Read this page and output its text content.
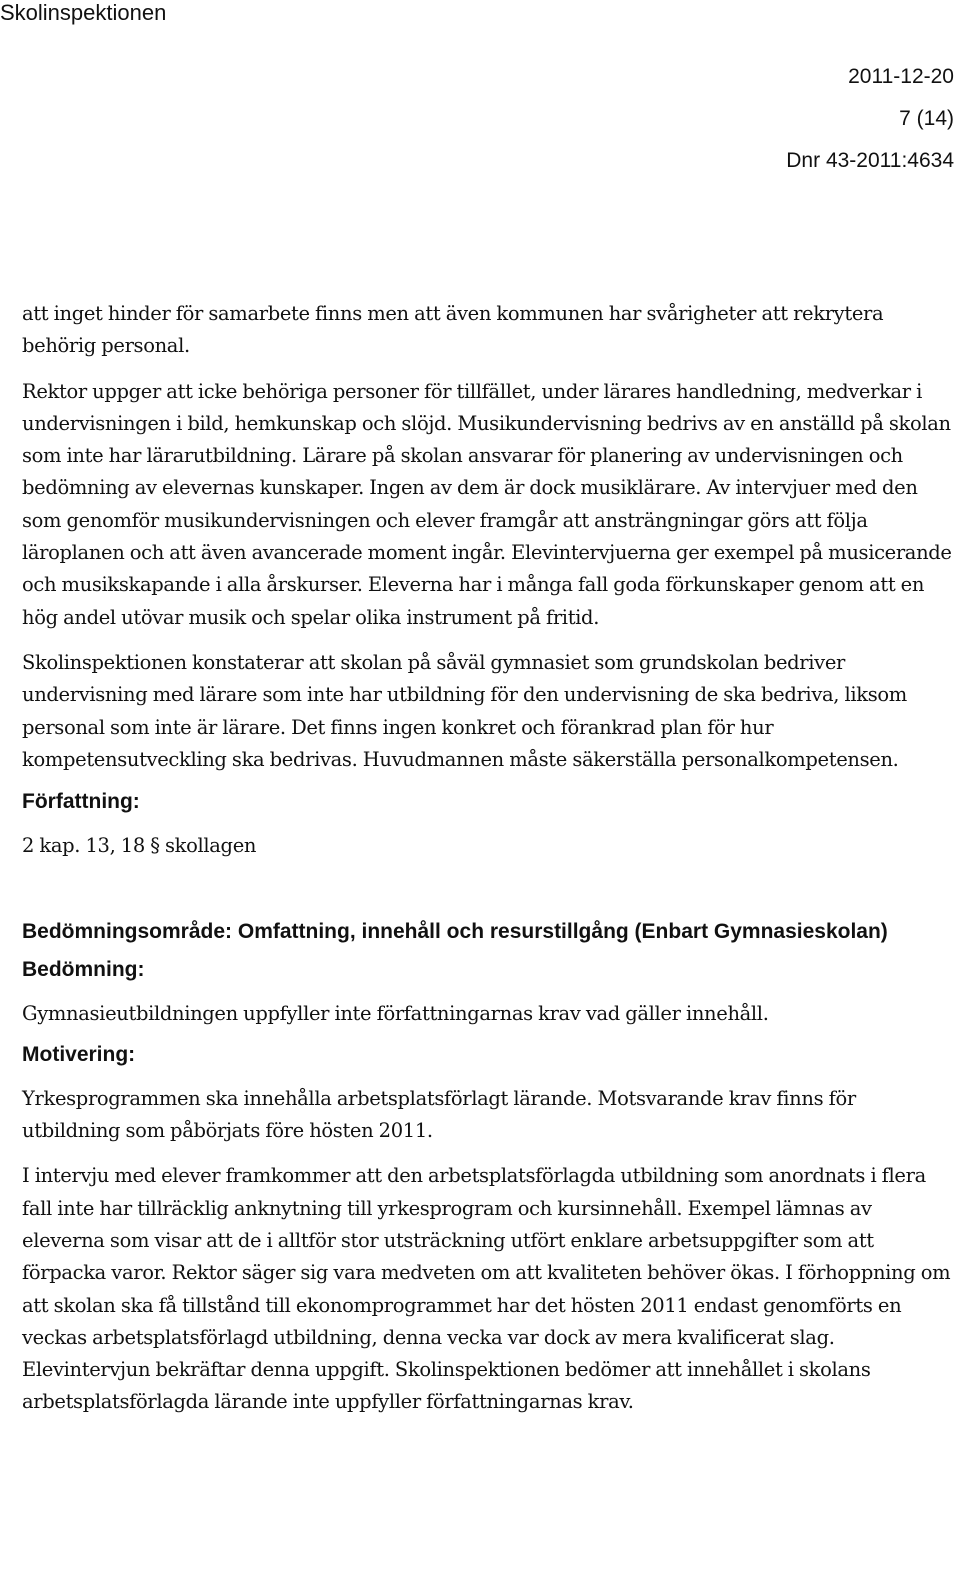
Skolinspektionen
2011-12-20
7 (14)
Dnr 43-2011:4634

att inget hinder för samarbete finns men att även kommunen har svårigheter att rekrytera behörig personal.

Rektor uppger att icke behöriga personer för tillfället, under lärares handledning, medverkar i undervisningen i bild, hemkunskap och slöjd. Musikundervisning bedrivs av en anställd på skolan som inte har lärarutbildning. Lärare på skolan ansvarar för planering av undervisningen och bedömning av elevernas kunskaper. Ingen av dem är dock musiklärare. Av intervjuer med den som genomför musikundervisningen och elever framgår att ansträngningar görs att följa läroplanen och att även avancerade moment ingår. Elevintervjuerna ger exempel på musicerande och musikskapande i alla årskurser. Eleverna har i många fall goda förkunskaper genom att en hög andel utövar musik och spelar olika instrument på fritid.

Skolinspektionen konstaterar att skolan på såväl gymnasiet som grundskolan bedriver undervisning med lärare som inte har utbildning för den undervisning de ska bedriva, liksom personal som inte är lärare. Det finns ingen konkret och förankrad plan för hur kompetensutveckling ska bedrivas. Huvudmannen måste säkerställa personalkompetensen.

Författning:

2 kap. 13, 18 § skollagen

Bedömningsområde: Omfattning, innehåll och resurstillgång (Enbart Gymnasieskolan)
Bedömning:

Gymnasieutbildningen uppfyller inte författningarnas krav vad gäller innehåll.

Motivering:

Yrkesprogrammen ska innehålla arbetsplatsförlagt lärande. Motsvarande krav finns för utbildning som påbörjats före hösten 2011.

I intervju med elever framkommer att den arbetsplatsförlagda utbildning som anordnats i flera fall inte har tillräcklig anknytning till yrkesprogram och kursinnehåll. Exempel lämnas av eleverna som visar att de i alltför stor utsträckning utfört enklare arbetsuppgifter som att förpacka varor. Rektor säger sig vara medveten om att kvaliteten behöver ökas. I förhoppning om att skolan ska få tillstånd till ekonomprogrammet har det hösten 2011 endast genomförts en veckas arbetsplatsförlagd utbildning, denna vecka var dock av mera kvalificerat slag. Elevintervjun bekräftar denna uppgift. Skolinspektionen bedömer att innehållet i skolans arbetsplatsförlagda lärande inte uppfyller författningarnas krav.
